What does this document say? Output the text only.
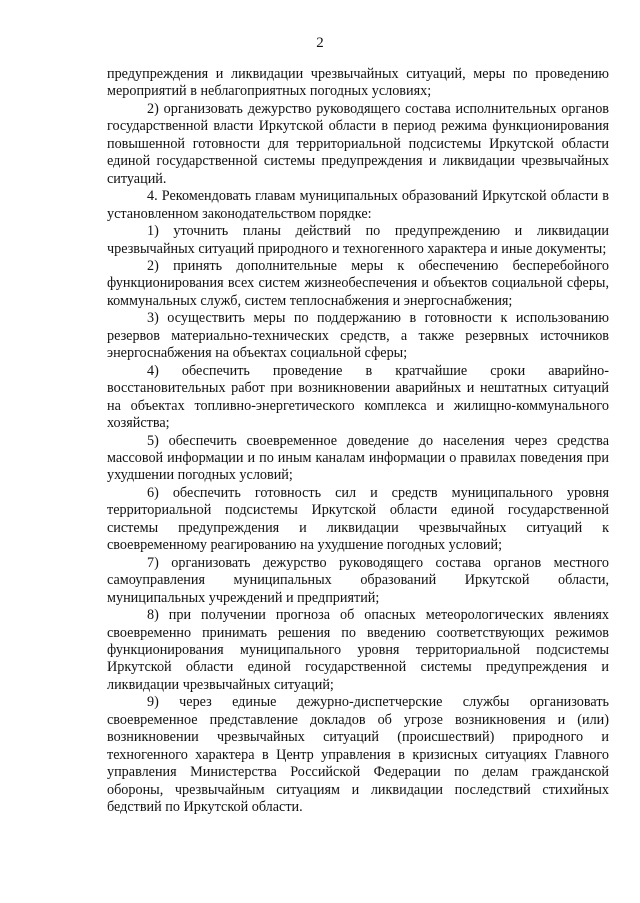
2

предупреждения и ликвидации чрезвычайных ситуаций, меры по проведению мероприятий в неблагоприятных погодных условиях;

2) организовать дежурство руководящего состава исполнительных органов государственной власти Иркутской области в период режима функционирования повышенной готовности для территориальной подсистемы Иркутской области единой государственной системы предупреждения и ликвидации чрезвычайных ситуаций.

4. Рекомендовать главам муниципальных образований Иркутской области в установленном законодательством порядке:

1) уточнить планы действий по предупреждению и ликвидации чрезвычайных ситуаций природного и техногенного характера и иные документы;

2) принять дополнительные меры к обеспечению бесперебойного функционирования всех систем жизнеобеспечения и объектов социальной сферы, коммунальных служб, систем теплоснабжения и энергоснабжения;

3) осуществить меры по поддержанию в готовности к использованию резервов материально-технических средств, а также резервных источников энергоснабжения на объектах социальной сферы;

4) обеспечить проведение в кратчайшие сроки аварийно-восстановительных работ при возникновении аварийных и нештатных ситуаций на объектах топливно-энергетического комплекса и жилищно-коммунального хозяйства;

5) обеспечить своевременное доведение до населения через средства массовой информации и по иным каналам информации о правилах поведения при ухудшении погодных условий;

6) обеспечить готовность сил и средств муниципального уровня территориальной подсистемы Иркутской области единой государственной системы предупреждения и ликвидации чрезвычайных ситуаций к своевременному реагированию на ухудшение погодных условий;

7) организовать дежурство руководящего состава органов местного самоуправления муниципальных образований Иркутской области, муниципальных учреждений и предприятий;

8) при получении прогноза об опасных метеорологических явлениях своевременно принимать решения по введению соответствующих режимов функционирования муниципального уровня территориальной подсистемы Иркутской области единой государственной системы предупреждения и ликвидации чрезвычайных ситуаций;

9) через единые дежурно-диспетчерские службы организовать своевременное представление докладов об угрозе возникновения и (или) возникновении чрезвычайных ситуаций (происшествий) природного и техногенного характера в Центр управления в кризисных ситуациях Главного управления Министерства Российской Федерации по делам гражданской обороны, чрезвычайным ситуациям и ликвидации последствий стихийных бедствий по Иркутской области.
